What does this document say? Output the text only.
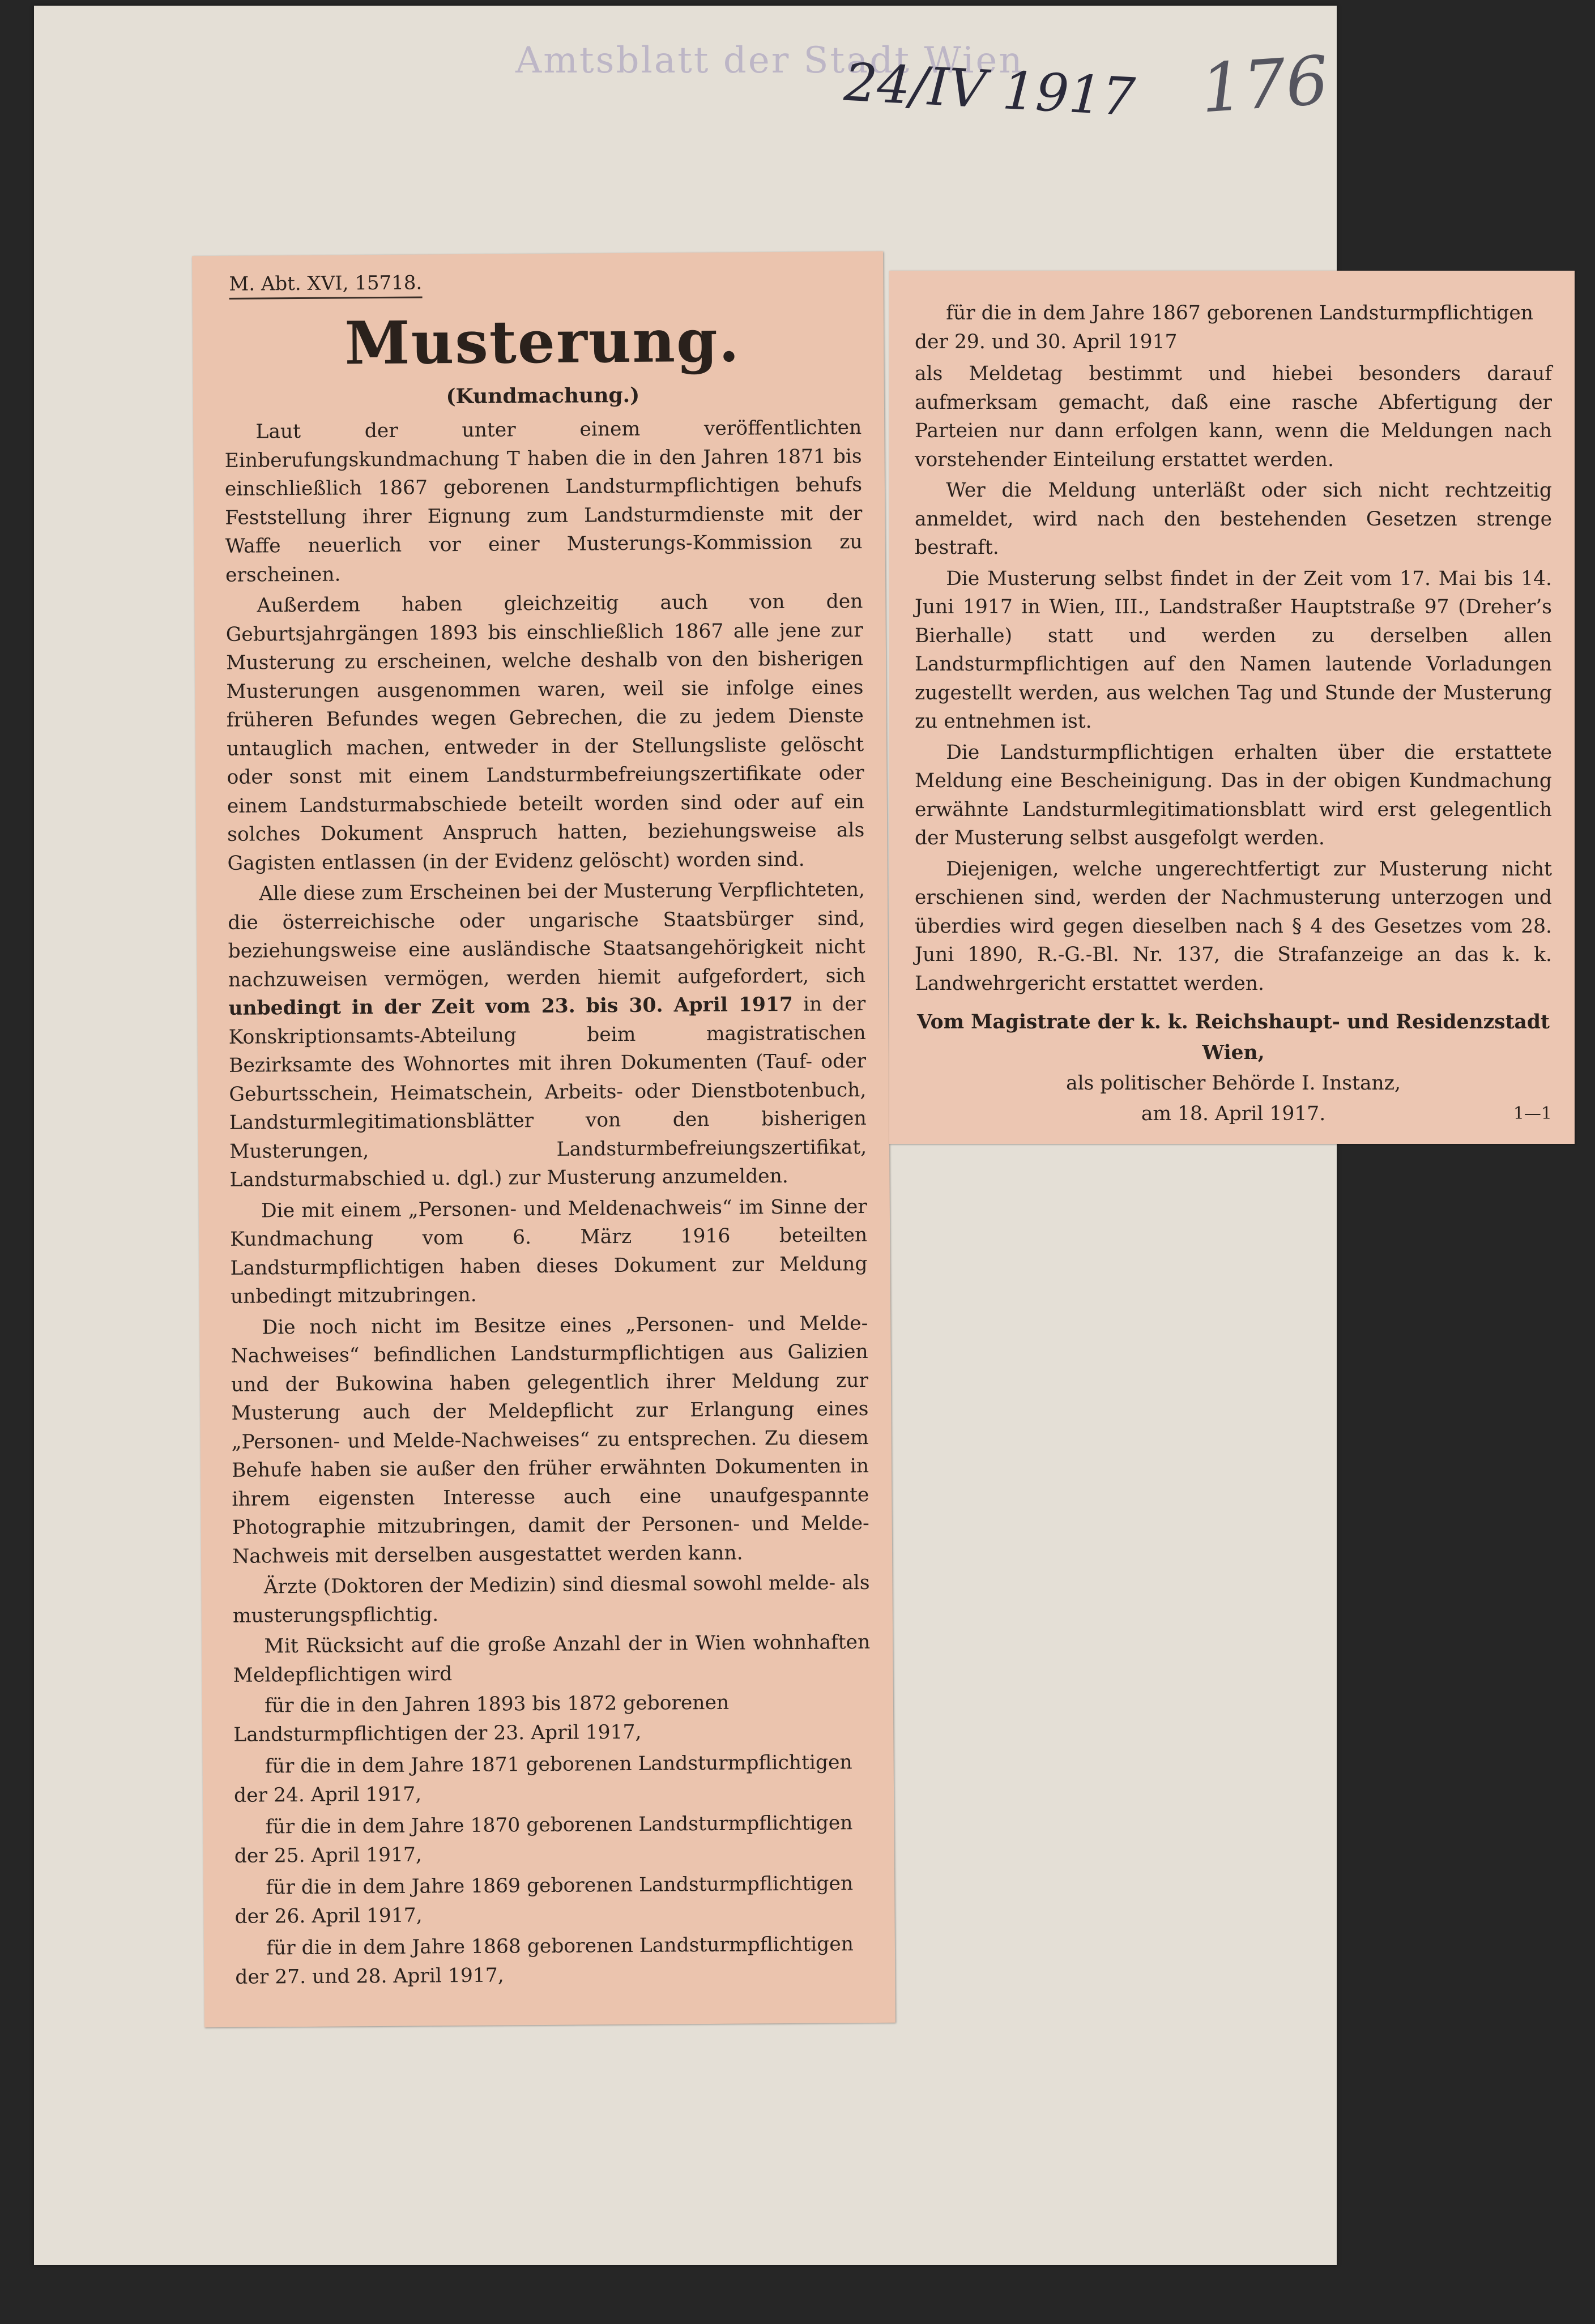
Amtsblatt der Stadt Wien
24/IV 1917 176
M. Abt. XVI, 15718.
Musterung.
(Kundmachung.)

Laut der unter einem veröffentlichten Einberufungskundmachung T haben die in den Jahren 1871 bis einschließlich 1867 geborenen Landsturmpflichtigen behufs Feststellung ihrer Eignung zum Landsturmdienste mit der Waffe neuerlich vor einer Musterungs-Kommission zu erscheinen.

Außerdem haben gleichzeitig auch von den Geburtsjahrgängen 1893 bis einschließlich 1867 alle jene zur Musterung zu erscheinen, welche deshalb von den bisherigen Musterungen ausgenommen waren, weil sie infolge eines früheren Befundes wegen Gebrechen, die zu jedem Dienste untauglich machen, entweder in der Stellungsliste gelöscht oder sonst mit einem Landsturmbefreiungszertifikate oder einem Landsturmabschiede beteilt worden sind oder auf ein solches Dokument Anspruch hatten, beziehungsweise als Gagisten entlassen (in der Evidenz gelöscht) worden sind.

Alle diese zum Erscheinen bei der Musterung Verpflichteten, die österreichische oder ungarische Staatsbürger sind, beziehungsweise eine ausländische Staatsangehörigkeit nicht nachzuweisen vermögen, werden hiemit aufgefordert, sich unbedingt in der Zeit vom 23. bis 30. April 1917 in der Konskriptionsamts-Abteilung beim magistratischen Bezirksamte des Wohnortes mit ihren Dokumenten (Tauf- oder Geburtsschein, Heimatschein, Arbeits- oder Dienstbotenbuch, Landsturmlegitimationsblätter von den bisherigen Musterungen, Landsturmbefreiungszertifikat, Landsturmabschied u. dgl.) zur Musterung anzumelden.

Die mit einem „Personen- und Meldenachweis“ im Sinne der Kundmachung vom 6. März 1916 beteilten Landsturmpflichtigen haben dieses Dokument zur Meldung unbedingt mitzubringen.

Die noch nicht im Besitze eines „Personen- und Melde-Nachweises“ befindlichen Landsturmpflichtigen aus Galizien und der Bukowina haben gelegentlich ihrer Meldung zur Musterung auch der Meldepflicht zur Erlangung eines „Personen- und Melde-Nachweises“ zu entsprechen. Zu diesem Behufe haben sie außer den früher erwähnten Dokumenten in ihrem eigensten Interesse auch eine unaufgespannte Photographie mitzubringen, damit der Personen- und Melde-Nachweis mit derselben ausgestattet werden kann.

Ärzte (Doktoren der Medizin) sind diesmal sowohl melde- als musterungspflichtig.

Mit Rücksicht auf die große Anzahl der in Wien wohnhaften Meldepflichtigen wird

für die in den Jahren 1893 bis 1872 geborenen Landsturmpflichtigen der 23. April 1917,

für die in dem Jahre 1871 geborenen Landsturmpflichtigen der 24. April 1917,

für die in dem Jahre 1870 geborenen Landsturmpflichtigen der 25. April 1917,

für die in dem Jahre 1869 geborenen Landsturmpflichtigen der 26. April 1917,

für die in dem Jahre 1868 geborenen Landsturmpflichtigen der 27. und 28. April 1917,

für die in dem Jahre 1867 geborenen Landsturmpflichtigen der 29. und 30. April 1917

als Meldetag bestimmt und hiebei besonders darauf aufmerksam gemacht, daß eine rasche Abfertigung der Parteien nur dann erfolgen kann, wenn die Meldungen nach vorstehender Einteilung erstattet werden.

Wer die Meldung unterläßt oder sich nicht rechtzeitig anmeldet, wird nach den bestehenden Gesetzen strenge bestraft.

Die Musterung selbst findet in der Zeit vom 17. Mai bis 14. Juni 1917 in Wien, III., Landstraßer Hauptstraße 97 (Dreher’s Bierhalle) statt und werden zu derselben allen Landsturmpflichtigen auf den Namen lautende Vorladungen zugestellt werden, aus welchen Tag und Stunde der Musterung zu entnehmen ist.

Die Landsturmpflichtigen erhalten über die erstattete Meldung eine Bescheinigung. Das in der obigen Kundmachung erwähnte Landsturmlegitimationsblatt wird erst gelegentlich der Musterung selbst ausgefolgt werden.

Diejenigen, welche ungerechtfertigt zur Musterung nicht erschienen sind, werden der Nachmusterung unterzogen und überdies wird gegen dieselben nach § 4 des Gesetzes vom 28. Juni 1890, R.-G.-Bl. Nr. 137, die Strafanzeige an das k. k. Landwehrgericht erstattet werden.

Vom Magistrate der k. k. Reichshaupt- und Residenzstadt Wien,
als politischer Behörde I. Instanz,
am 18. April 1917.	1—1
